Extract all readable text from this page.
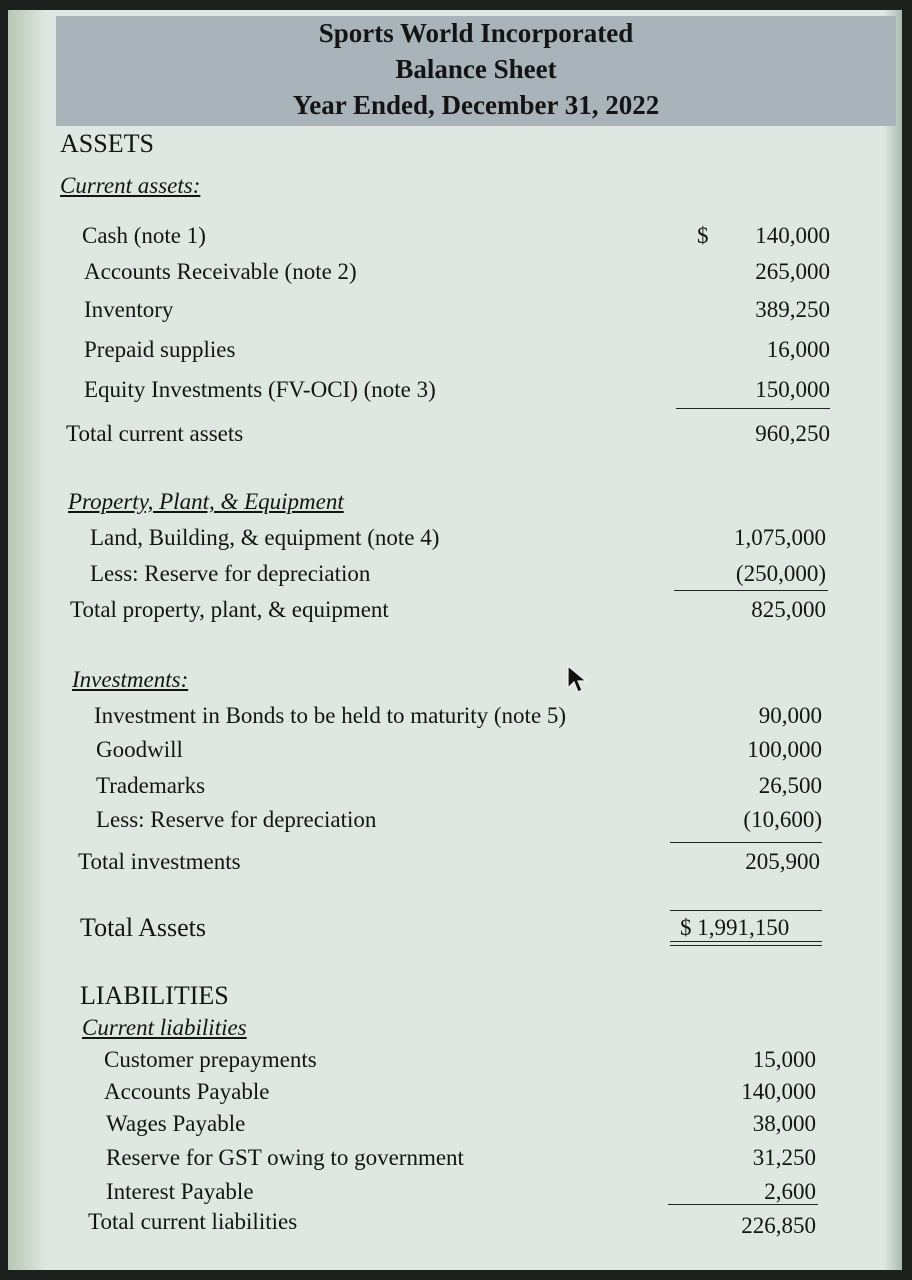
Sports World Incorporated
Balance Sheet
Year Ended, December 31, 2022
ASSETS
Current assets:
$
Cash (note 1)	140,000
Accounts Receivable (note 2)	265,000
Inventory	389,250
Prepaid supplies	16,000
Equity Investments (FV-OCI) (note 3)	150,000
Total current assets	960,250
Property, Plant, & Equipment
Land, Building, & equipment (note 4)	1,075,000
Less: Reserve for depreciation	(250,000)
Total property, plant, & equipment	825,000
Investments:
Investment in Bonds to be held to maturity (note 5)	90,000
Goodwill	100,000
Trademarks	26,500
Less: Reserve for depreciation	(10,600)
Total investments	205,900
Total Assets	$ 1,991,150
LIABILITIES
Current liabilities
Customer prepayments	15,000
Accounts Payable	140,000
Wages Payable	38,000
Reserve for GST owing to government	31,250
Interest Payable	2,600
Total current liabilities	226,850
